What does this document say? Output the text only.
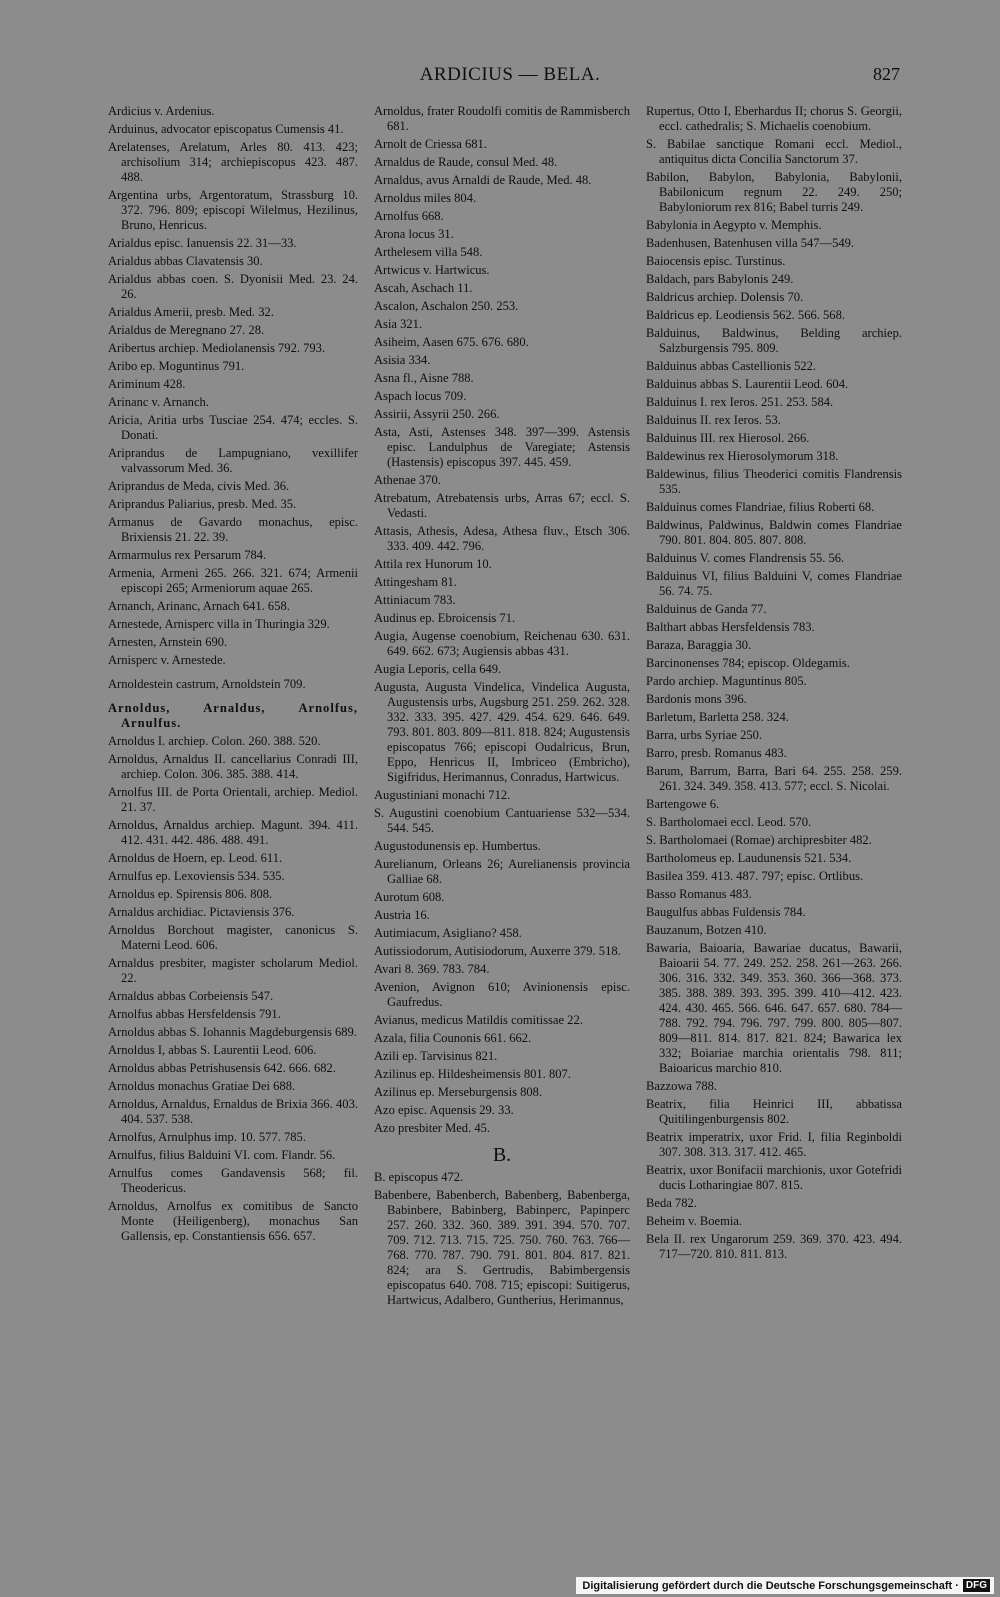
ARDICIUS — BELA.	827

Ardicius v. Ardenius.

Arduinus, advocator episcopatus Cumensis 41.

Arelatenses, Arelatum, Arles 80. 413. 423; archisolium 314; archiepiscopus 423. 487. 488.

Argentina urbs, Argentoratum, Strassburg 10. 372. 796. 809; episcopi Wilelmus, Hezilinus, Bruno, Henricus.

Arialdus episc. Ianuensis 22. 31—33.

Arialdus abbas Clavatensis 30.

Arialdus abbas coen. S. Dyonisii Med. 23. 24. 26.

Arialdus Amerii, presb. Med. 32.

Arialdus de Meregnano 27. 28.

Aribertus archiep. Mediolanensis 792. 793.

Aribo ep. Moguntinus 791.

Ariminum 428.

Arinanc v. Arnanch.

Aricia, Aritia urbs Tusciae 254. 474; eccles. S. Donati.

Ariprandus de Lampugniano, vexillifer valvassorum Med. 36.

Ariprandus de Meda, civis Med. 36.

Ariprandus Paliarius, presb. Med. 35.

Armanus de Gavardo monachus, episc. Brixiensis 21. 22. 39.

Armarmulus rex Persarum 784.

Armenia, Armeni 265. 266. 321. 674; Armenii episcopi 265; Armeniorum aquae 265.

Arnanch, Arinanc, Arnach 641. 658.

Arnestede, Arnisperc villa in Thuringia 329.

Arnesten, Arnstein 690.

Arnisperc v. Arnestede.

Arnoldestein castrum, Arnoldstein 709.

Arnoldus, Arnaldus, Arnolfus, Arnulfus.

Arnoldus I. archiep. Colon. 260. 388. 520.

Arnoldus, Arnaldus II. cancellarius Conradi III, archiep. Colon. 306. 385. 388. 414.

Arnolfus III. de Porta Orientali, archiep. Mediol. 21. 37.

Arnoldus, Arnaldus archiep. Magunt. 394. 411. 412. 431. 442. 486. 488. 491.

Arnoldus de Hoern, ep. Leod. 611.

Arnulfus ep. Lexoviensis 534. 535.

Arnoldus ep. Spirensis 806. 808.

Arnaldus archidiac. Pictaviensis 376.

Arnoldus Borchout magister, canonicus S. Materni Leod. 606.

Arnaldus presbiter, magister scholarum Mediol. 22.

Arnaldus abbas Corbeiensis 547.

Arnolfus abbas Hersfeldensis 791.

Arnoldus abbas S. Iohannis Magdeburgensis 689.

Arnoldus I, abbas S. Laurentii Leod. 606.

Arnoldus abbas Petrishusensis 642. 666. 682.

Arnoldus monachus Gratiae Dei 688.

Arnoldus, Arnaldus, Ernaldus de Brixia 366. 403. 404. 537. 538.

Arnolfus, Arnulphus imp. 10. 577. 785.

Arnulfus, filius Balduini VI. com. Flandr. 56.

Arnulfus comes Gandavensis 568; fil. Theodericus.

Arnoldus, Arnolfus ex comitibus de Sancto Monte (Heiligenberg), monachus San Gallensis, ep. Constantiensis 656. 657.

Arnoldus, frater Roudolfi comitis de Rammisberch 681.

Arnolt de Criessa 681.

Arnaldus de Raude, consul Med. 48.

Arnaldus, avus Arnaldi de Raude, Med. 48.

Arnoldus miles 804.

Arnolfus 668.

Arona locus 31.

Arthelesem villa 548.

Artwicus v. Hartwicus.

Ascah, Aschach 11.

Ascalon, Aschalon 250. 253.

Asia 321.

Asiheim, Aasen 675. 676. 680.

Asisia 334.

Asna fl., Aisne 788.

Aspach locus 709.

Assirii, Assyrii 250. 266.

Asta, Asti, Astenses 348. 397—399. Astensis episc. Landulphus de Varegiate; Astensis (Hastensis) episcopus 397. 445. 459.

Athenae 370.

Atrebatum, Atrebatensis urbs, Arras 67; eccl. S. Vedasti.

Attasis, Athesis, Adesa, Athesa fluv., Etsch 306. 333. 409. 442. 796.

Attila rex Hunorum 10.

Attingesham 81.

Attiniacum 783.

Audinus ep. Ebroicensis 71.

Augia, Augense coenobium, Reichenau 630. 631. 649. 662. 673; Augiensis abbas 431.

Augia Leporis, cella 649.

Augusta, Augusta Vindelica, Vindelica Augusta, Augustensis urbs, Augsburg 251. 259. 262. 328. 332. 333. 395. 427. 429. 454. 629. 646. 649. 793. 801. 803. 809—811. 818. 824; Augustensis episcopatus 766; episcopi Oudalricus, Brun, Eppo, Henricus II, Imbriceo (Embricho), Sigifridus, Herimannus, Conradus, Hartwicus.

Augustiniani monachi 712.

S. Augustini coenobium Cantuariense 532—534. 544. 545.

Augustodunensis ep. Humbertus.

Aurelianum, Orleans 26; Aurelianensis provincia Galliae 68.

Aurotum 608.

Austria 16.

Autimiacum, Asigliano? 458.

Autissiodorum, Autisiodorum, Auxerre 379. 518.

Avari 8. 369. 783. 784.

Avenion, Avignon 610; Avinionensis episc. Gaufredus.

Avianus, medicus Matildis comitissae 22.

Azala, filia Counonis 661. 662.

Azili ep. Tarvisinus 821.

Azilinus ep. Hildesheimensis 801. 807.

Azilinus ep. Merseburgensis 808.

Azo episc. Aquensis 29. 33.

Azo presbiter Med. 45.

B.

B. episcopus 472.

Babenbere, Babenberch, Babenberg, Babenberga, Babinbere, Babinberg, Babinperc, Papinperc 257. 260. 332. 360. 389. 391. 394. 570. 707. 709. 712. 713. 715. 725. 750. 760. 763. 766—768. 770. 787. 790. 791. 801. 804. 817. 821. 824; ara S. Gertrudis, Babimbergensis episcopatus 640. 708. 715; episcopi: Suitigerus, Hartwicus, Adalbero, Guntherius, Herimannus,

Rupertus, Otto I, Eberhardus II; chorus S. Georgii, eccl. cathedralis; S. Michaelis coenobium.

S. Babilae sanctique Romani eccl. Mediol., antiquitus dicta Concilia Sanctorum 37.

Babilon, Babylon, Babylonia, Babylonii, Babilonicum regnum 22. 249. 250; Babyloniorum rex 816; Babel turris 249.

Babylonia in Aegypto v. Memphis.

Badenhusen, Batenhusen villa 547—549.

Baiocensis episc. Turstinus.

Baldach, pars Babylonis 249.

Baldricus archiep. Dolensis 70.

Baldricus ep. Leodiensis 562. 566. 568.

Balduinus, Baldwinus, Belding archiep. Salzburgensis 795. 809.

Balduinus abbas Castellionis 522.

Balduinus abbas S. Laurentii Leod. 604.

Balduinus I. rex Ieros. 251. 253. 584.

Balduinus II. rex Ieros. 53.

Balduinus III. rex Hierosol. 266.

Baldewinus rex Hierosolymorum 318.

Baldewinus, filius Theoderici comitis Flandrensis 535.

Balduinus comes Flandriae, filius Roberti 68.

Baldwinus, Paldwinus, Baldwin comes Flandriae 790. 801. 804. 805. 807. 808.

Balduinus V. comes Flandrensis 55. 56.

Balduinus VI, filius Balduini V, comes Flandriae 56. 74. 75.

Balduinus de Ganda 77.

Balthart abbas Hersfeldensis 783.

Baraza, Baraggia 30.

Barcinonenses 784; episcop. Oldegamis.

Pardo archiep. Maguntinus 805.

Bardonis mons 396.

Barletum, Barletta 258. 324.

Barra, urbs Syriae 250.

Barro, presb. Romanus 483.

Barum, Barrum, Barra, Bari 64. 255. 258. 259. 261. 324. 349. 358. 413. 577; eccl. S. Nicolai.

Bartengowe 6.

S. Bartholomaei eccl. Leod. 570.

S. Bartholomaei (Romae) archipresbiter 482.

Bartholomeus ep. Laudunensis 521. 534.

Basilea 359. 413. 487. 797; episc. Ortlibus.

Basso Romanus 483.

Baugulfus abbas Fuldensis 784.

Bauzanum, Botzen 410.

Bawaria, Baioaria, Bawariae ducatus, Bawarii, Baioarii 54. 77. 249. 252. 258. 261—263. 266. 306. 316. 332. 349. 353. 360. 366—368. 373. 385. 388. 389. 393. 395. 399. 410—412. 423. 424. 430. 465. 566. 646. 647. 657. 680. 784—788. 792. 794. 796. 797. 799. 800. 805—807. 809—811. 814. 817. 821. 824; Bawarica lex 332; Boiariae marchia orientalis 798. 811; Baioaricus marchio 810.

Bazzowa 788.

Beatrix, filia Heinrici III, abbatissa Quitilingenburgensis 802.

Beatrix imperatrix, uxor Frid. I, filia Reginboldi 307. 308. 313. 317. 412. 465.

Beatrix, uxor Bonifacii marchionis, uxor Gotefridi ducis Lotharingiae 807. 815.

Beda 782.

Beheim v. Boemia.

Bela II. rex Ungarorum 259. 369. 370. 423. 494. 717—720. 810. 811. 813.

Digitalisierung gefördert durch die Deutsche Forschungsgemeinschaft · DFG
